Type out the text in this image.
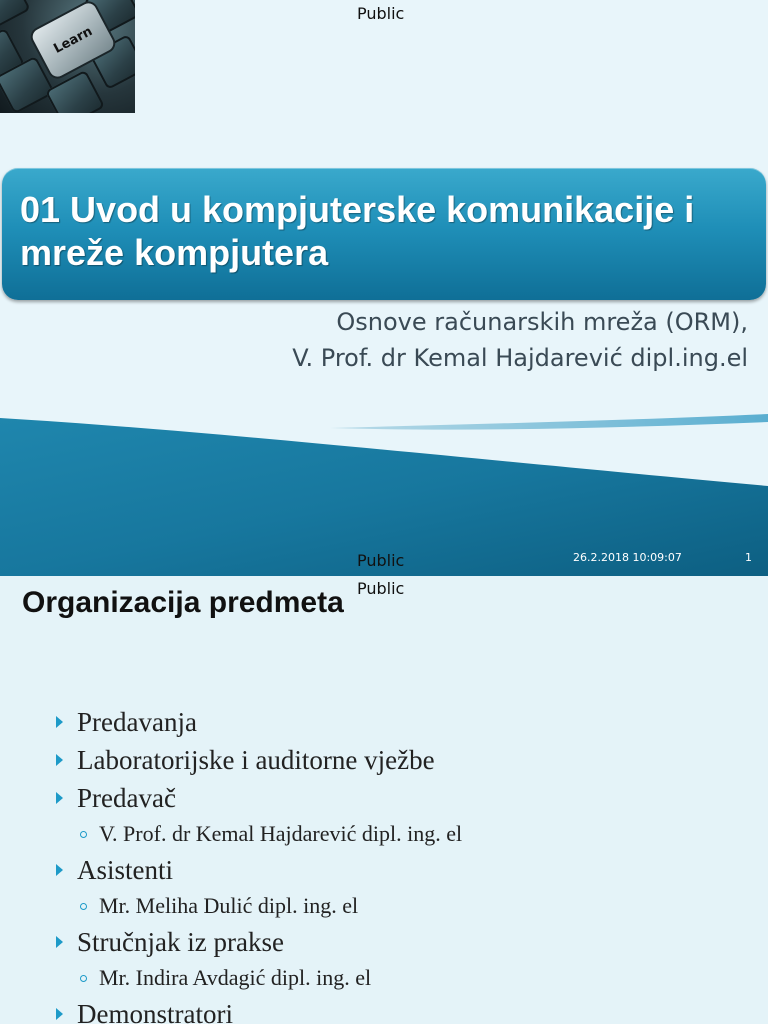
Learn
Public
01 Uvod u kompjuterske komunikacije i mreže kompjutera
Osnove računarskih mreža (ORM),
V. Prof. dr Kemal Hajdarević dipl.ing.el
Public	26.2.2018 10:09:07	1
Public
Organizacija predmeta
Predavanja
Laboratorijske i auditorne vježbe
Predavač
V. Prof. dr Kemal Hajdarević dipl. ing. el
Asistenti
Mr. Meliha Dulić dipl. ing. el
Stručnjak iz prakse
Mr. Indira Avdagić dipl. ing. el
Demonstratori
